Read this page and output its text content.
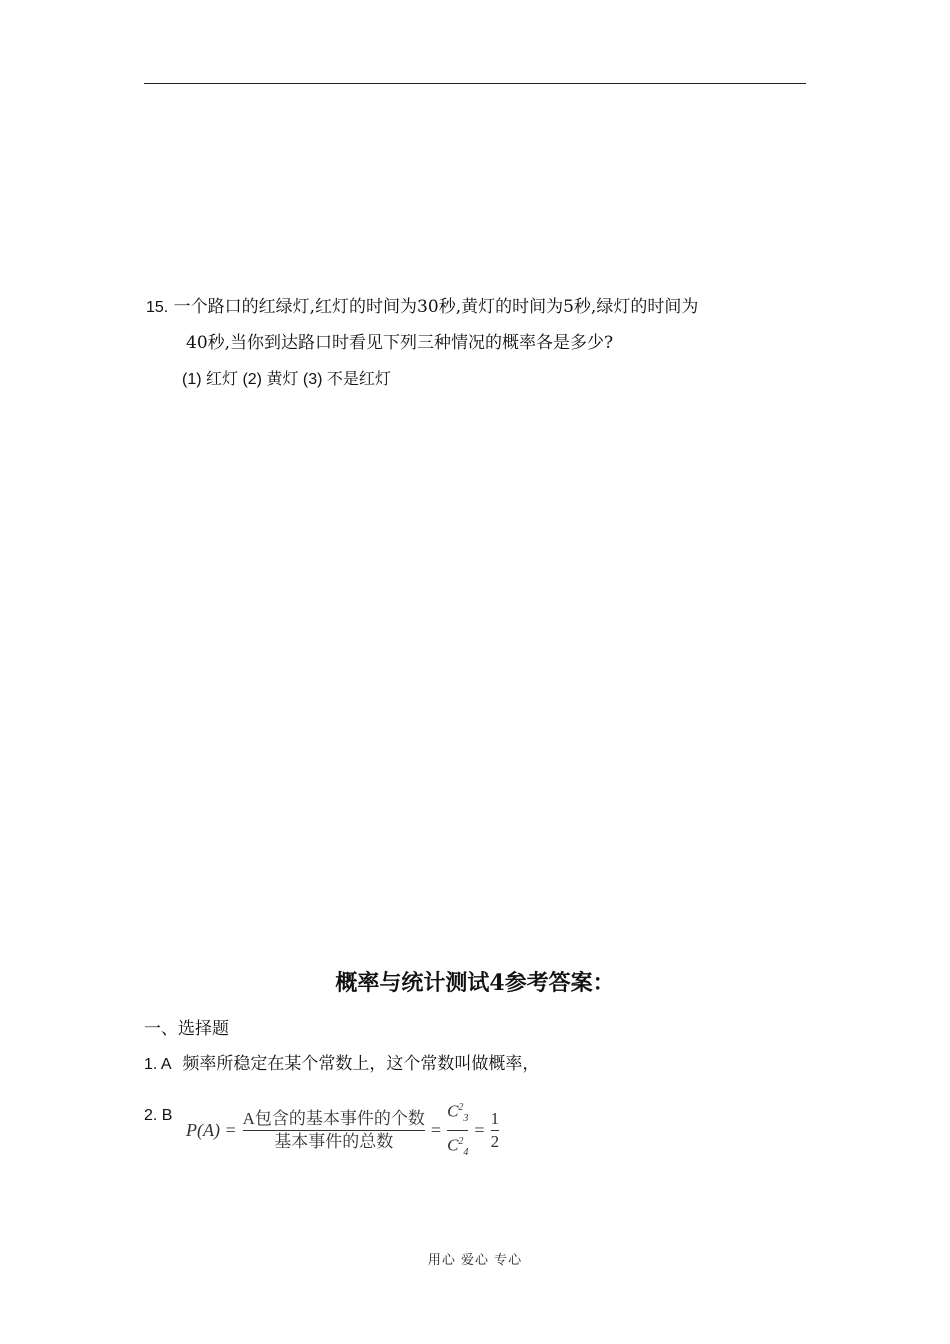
15. 一个路口的红绿灯,红灯的时间为30秒,黄灯的时间为5秒,绿灯的时间为
40秒,当你到达路口时看见下列三种情况的概率各是多少?
(1) 红灯 (2) 黄灯 (3) 不是红灯
概率与统计测试4参考答案：
一、选择题
1. A 频率所稳定在某个常数上，这个常数叫做概率，
2. B
$P(A) = \frac{\text{A包含的基本事件的个数}}{\text{基本事件的总数}} = \frac{C^2_3}{C^2_4} = \frac{1}{2}$
用心 爱心 专心
